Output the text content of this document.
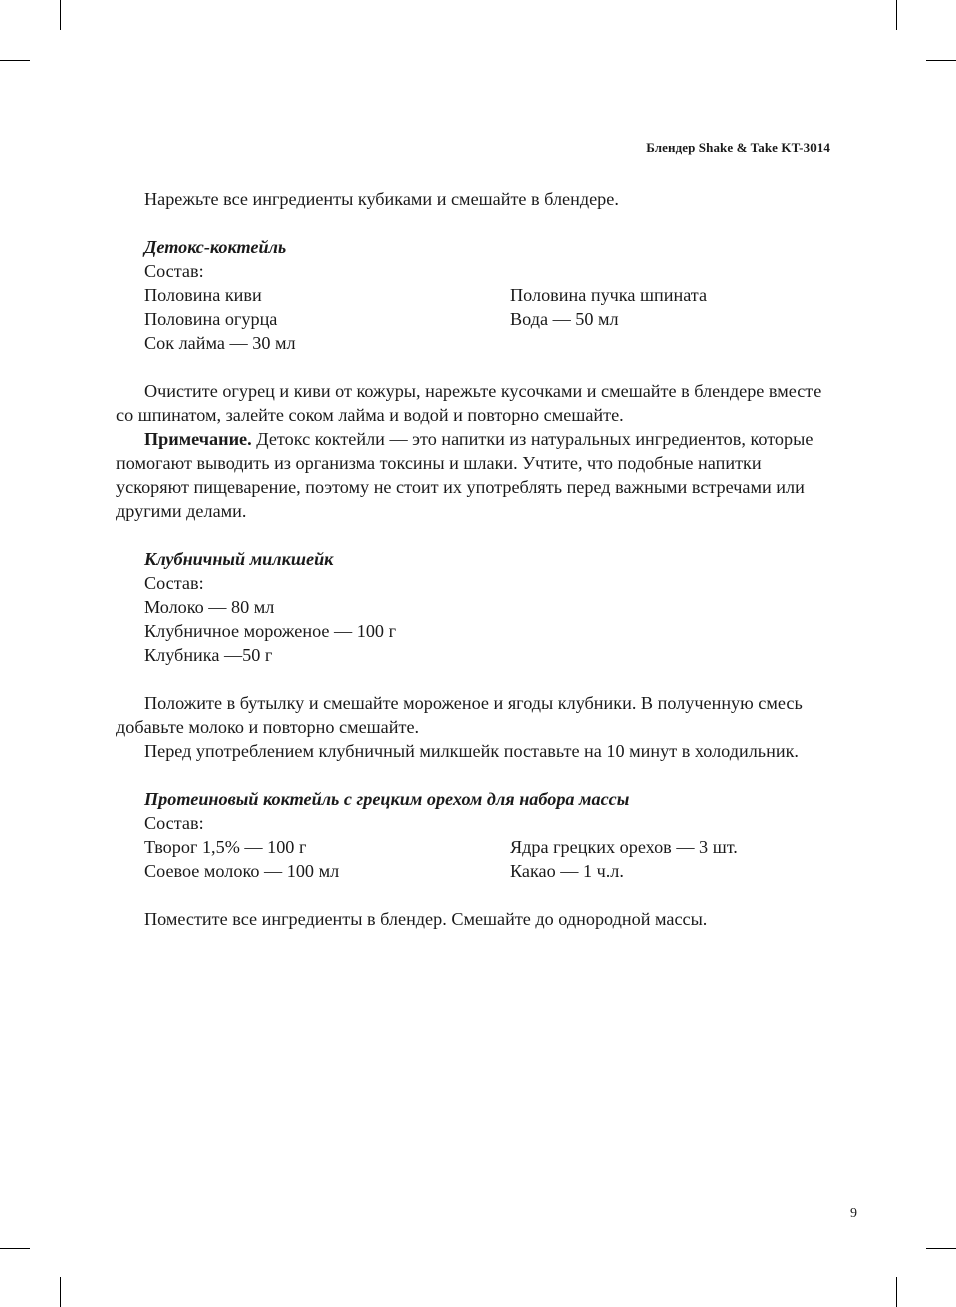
Блендер Shake & Take KT-3014

Нарежьте все ингредиенты кубиками и смешайте в блендере.

Детокс-коктейль
Состав:
Половина киви	Половина пучка шпината
Половина огурца	Вода — 50 мл
Сок лайма — 30 мл

Очистите огурец и киви от кожуры, нарежьте кусочками и смешайте в блендере вместе со шпинатом, залейте соком лайма и водой и повторно смешайте.

Примечание. Детокс коктейли — это напитки из натуральных ингредиентов, которые помогают выводить из организма токсины и шлаки. Учтите, что подобные напитки ускоряют пищеварение, поэтому не стоит их употреблять перед важными встречами или другими делами.

Клубничный милкшейк
Состав:
Молоко — 80 мл
Клубничное мороженое — 100 г
Клубника —50 г

Положите в бутылку и смешайте мороженое и ягоды клубники. В полученную смесь добавьте молоко и повторно смешайте.

Перед употреблением клубничный милкшейк поставьте на 10 минут в холодильник.

Протеиновый коктейль с грецким орехом для набора массы
Состав:
Творог 1,5% — 100 г	Ядра грецких орехов — 3 шт.
Соевое молоко — 100 мл	Какао — 1 ч.л.

Поместите все ингредиенты в блендер. Смешайте до однородной массы.

9
